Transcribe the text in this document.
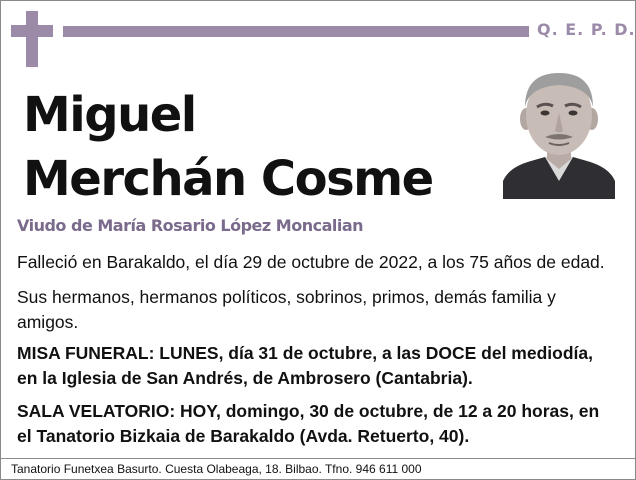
Q. E. P. D.
Miguel
Merchán Cosme
Viudo de María Rosario López Moncalian

Falleció en Barakaldo, el día 29 de octubre de 2022, a los 75 años de edad.

Sus hermanos, hermanos políticos, sobrinos, primos, demás familia y amigos.

MISA FUNERAL: LUNES, día 31 de octubre, a las DOCE del mediodía, en la Iglesia de San Andrés, de Ambrosero (Cantabria).

SALA VELATORIO: HOY, domingo, 30 de octubre, de 12 a 20 horas, en el Tanatorio Bizkaia de Barakaldo (Avda. Retuerto, 40).

Tanatorio Funetxea Basurto. Cuesta Olabeaga, 18. Bilbao. Tfno. 946 611 000
